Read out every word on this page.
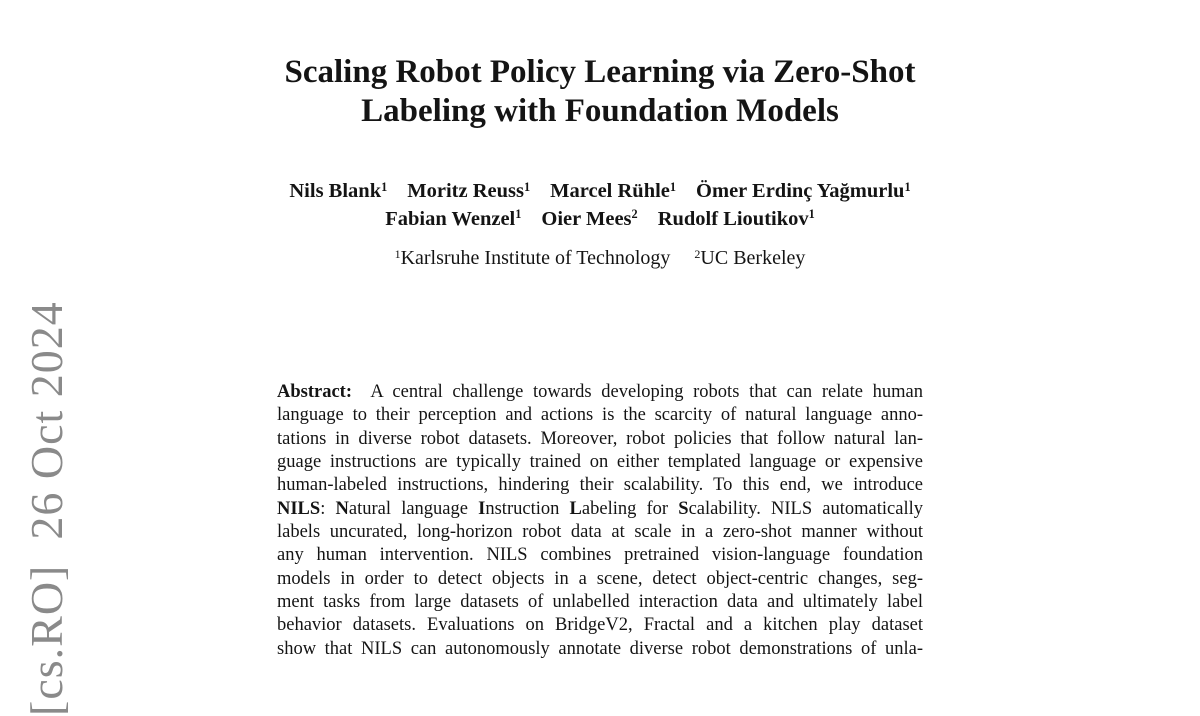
[cs.RO]  26 Oct 2024
Scaling Robot Policy Learning via Zero-Shot
Labeling with Foundation Models
Nils Blank$^1$ Moritz Reuss$^1$ Marcel Rühle$^1$ Ömer Erdinç Yağmurlu$^1$
Fabian Wenzel$^1$ Oier Mees$^2$ Rudolf Lioutikov$^1$
$^1$Karlsruhe Institute of Technology $^2$UC Berkeley
Abstract:  A central challenge towards developing robots that can relate human
language to their perception and actions is the scarcity of natural language anno-
tations in diverse robot datasets. Moreover, robot policies that follow natural lan-
guage instructions are typically trained on either templated language or expensive
human-labeled instructions, hindering their scalability. To this end, we introduce
NILS: Natural language Instruction Labeling for Scalability. NILS automatically
labels uncurated, long-horizon robot data at scale in a zero-shot manner without
any human intervention. NILS combines pretrained vision-language foundation
models in order to detect objects in a scene, detect object-centric changes, seg-
ment tasks from large datasets of unlabelled interaction data and ultimately label
behavior datasets. Evaluations on BridgeV2, Fractal and a kitchen play dataset
show that NILS can autonomously annotate diverse robot demonstrations of unla-
